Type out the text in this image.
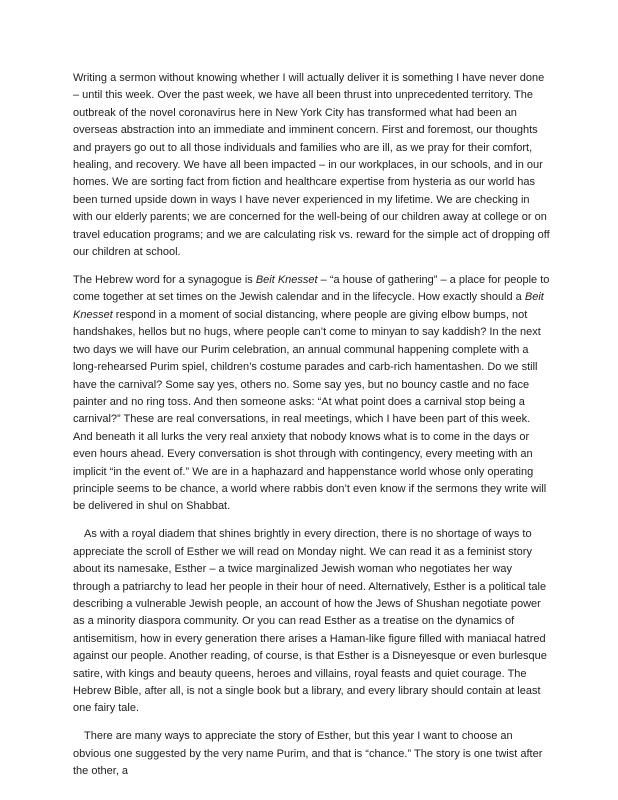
Writing a sermon without knowing whether I will actually deliver it is something I have never done – until this week. Over the past week, we have all been thrust into unprecedented territory. The outbreak of the novel coronavirus here in New York City has transformed what had been an overseas abstraction into an immediate and imminent concern. First and foremost, our thoughts and prayers go out to all those individuals and families who are ill, as we pray for their comfort, healing, and recovery. We have all been impacted – in our workplaces, in our schools, and in our homes. We are sorting fact from fiction and healthcare expertise from hysteria as our world has been turned upside down in ways I have never experienced in my lifetime. We are checking in with our elderly parents; we are concerned for the well-being of our children away at college or on travel education programs; and we are calculating risk vs. reward for the simple act of dropping off our children at school.

The Hebrew word for a synagogue is Beit Knesset – “a house of gathering” – a place for people to come together at set times on the Jewish calendar and in the lifecycle. How exactly should a Beit Knesset respond in a moment of social distancing, where people are giving elbow bumps, not handshakes, hellos but no hugs, where people can’t come to minyan to say kaddish? In the next two days we will have our Purim celebration, an annual communal happening complete with a long-rehearsed Purim spiel, children’s costume parades and carb-rich hamentashen. Do we still have the carnival? Some say yes, others no. Some say yes, but no bouncy castle and no face painter and no ring toss. And then someone asks: “At what point does a carnival stop being a carnival?” These are real conversations, in real meetings, which I have been part of this week. And beneath it all lurks the very real anxiety that nobody knows what is to come in the days or even hours ahead. Every conversation is shot through with contingency, every meeting with an implicit “in the event of.” We are in a haphazard and happenstance world whose only operating principle seems to be chance, a world where rabbis don’t even know if the sermons they write will be delivered in shul on Shabbat.

As with a royal diadem that shines brightly in every direction, there is no shortage of ways to appreciate the scroll of Esther we will read on Monday night. We can read it as a feminist story about its namesake, Esther – a twice marginalized Jewish woman who negotiates her way through a patriarchy to lead her people in their hour of need. Alternatively, Esther is a political tale describing a vulnerable Jewish people, an account of how the Jews of Shushan negotiate power as a minority diaspora community. Or you can read Esther as a treatise on the dynamics of antisemitism, how in every generation there arises a Haman-like figure filled with maniacal hatred against our people. Another reading, of course, is that Esther is a Disneyesque or even burlesque satire, with kings and beauty queens, heroes and villains, royal feasts and quiet courage. The Hebrew Bible, after all, is not a single book but a library, and every library should contain at least one fairy tale.

There are many ways to appreciate the story of Esther, but this year I want to choose an obvious one suggested by the very name Purim, and that is “chance.” The story is one twist after the other, a
